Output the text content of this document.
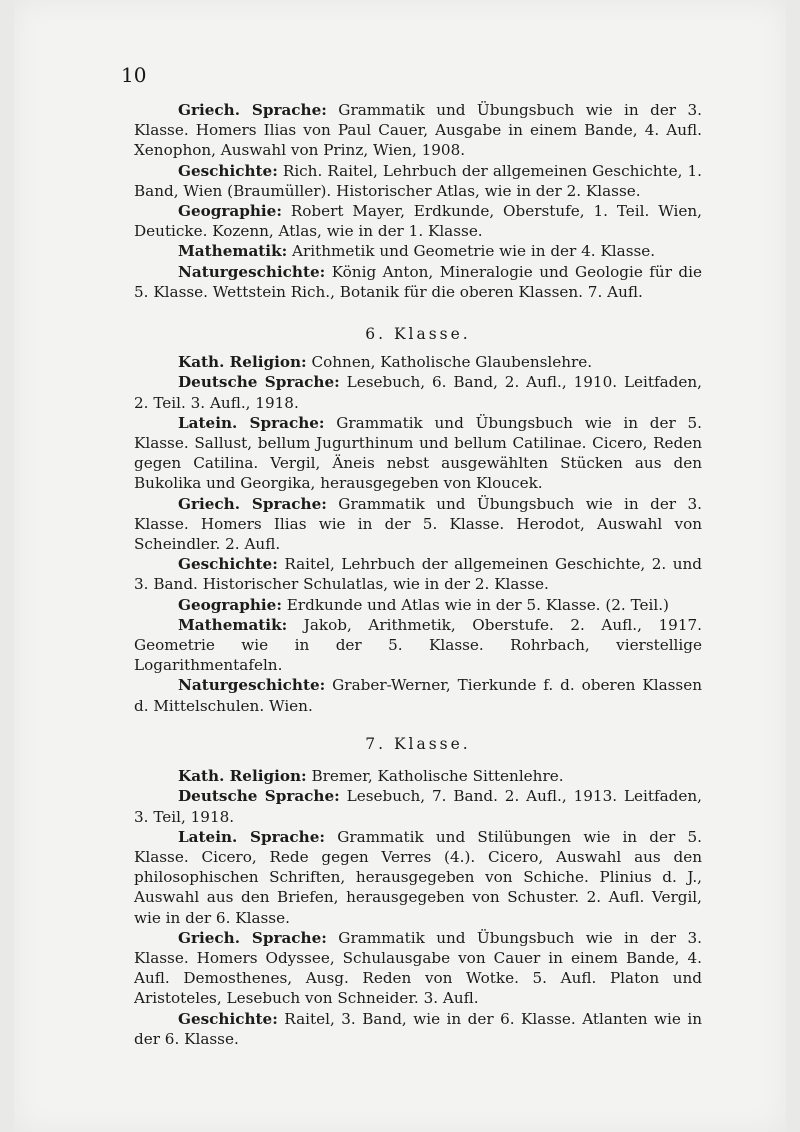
10

Griech. Sprache: Grammatik und Übungsbuch wie in der 3. Klasse. Homers Ilias von Paul Cauer, Ausgabe in einem Bande, 4. Aufl. Xenophon, Auswahl von Prinz, Wien, 1908.

Geschichte: Rich. Raitel, Lehrbuch der allgemeinen Geschichte, 1. Band, Wien (Braumüller). Historischer Atlas, wie in der 2. Klasse.

Geographie: Robert Mayer, Erdkunde, Oberstufe, 1. Teil. Wien, Deuticke. Kozenn, Atlas, wie in der 1. Klasse.

Mathematik: Arithmetik und Geometrie wie in der 4. Klasse.

Naturgeschichte: König Anton, Mineralogie und Geologie für die 5. Klasse. Wettstein Rich., Botanik für die oberen Klassen. 7. Aufl.

6. Klasse.

Kath. Religion: Cohnen, Katholische Glaubenslehre.

Deutsche Sprache: Lesebuch, 6. Band, 2. Aufl., 1910. Leitfaden, 2. Teil. 3. Aufl., 1918.

Latein. Sprache: Grammatik und Übungsbuch wie in der 5. Klasse. Sallust, bellum Jugurthinum und bellum Catilinae. Cicero, Reden gegen Catilina. Vergil, Äneis nebst ausgewählten Stücken aus den Bukolika und Georgika, herausgegeben von Kloucek.

Griech. Sprache: Grammatik und Übungsbuch wie in der 3. Klasse. Homers Ilias wie in der 5. Klasse. Herodot, Auswahl von Scheindler. 2. Aufl.

Geschichte: Raitel, Lehrbuch der allgemeinen Geschichte, 2. und 3. Band. Historischer Schulatlas, wie in der 2. Klasse.

Geographie: Erdkunde und Atlas wie in der 5. Klasse. (2. Teil.)

Mathematik: Jakob, Arithmetik, Oberstufe. 2. Aufl., 1917. Geometrie wie in der 5. Klasse. Rohrbach, vierstellige Logarithmentafeln.

Naturgeschichte: Graber-Werner, Tierkunde f. d. oberen Klassen d. Mittelschulen. Wien.

7. Klasse.

Kath. Religion: Bremer, Katholische Sittenlehre.

Deutsche Sprache: Lesebuch, 7. Band. 2. Aufl., 1913. Leitfaden, 3. Teil, 1918.

Latein. Sprache: Grammatik und Stilübungen wie in der 5. Klasse. Cicero, Rede gegen Verres (4.). Cicero, Auswahl aus den philosophischen Schriften, herausgegeben von Schiche. Plinius d. J., Auswahl aus den Briefen, herausgegeben von Schuster. 2. Aufl. Vergil, wie in der 6. Klasse.

Griech. Sprache: Grammatik und Übungsbuch wie in der 3. Klasse. Homers Odyssee, Schulausgabe von Cauer in einem Bande, 4. Aufl. Demosthenes, Ausg. Reden von Wotke. 5. Aufl. Platon und Aristoteles, Lesebuch von Schneider. 3. Aufl.

Geschichte: Raitel, 3. Band, wie in der 6. Klasse. Atlanten wie in der 6. Klasse.
